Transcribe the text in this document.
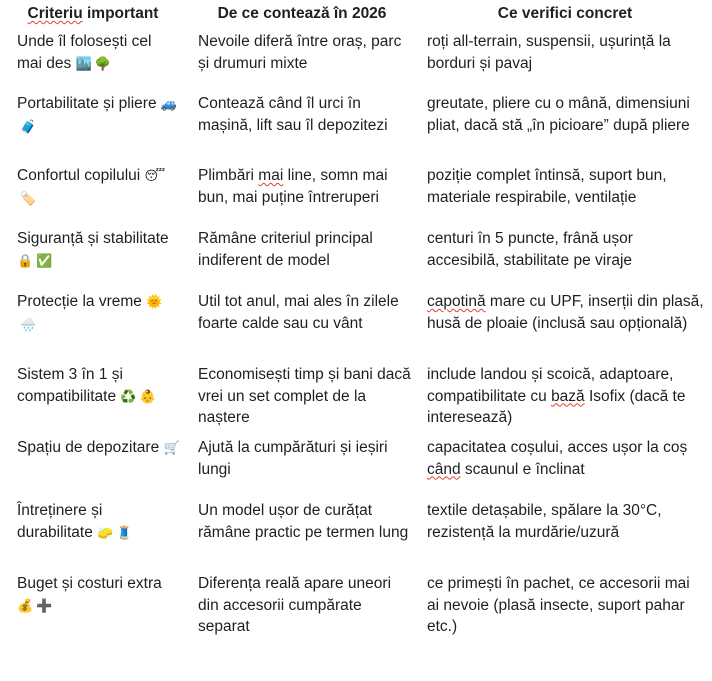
Criteriu important	De ce contează în 2026	Ce verifici concret
Unde îl folosești cel mai des 🏙️ 🌳	Nevoile diferă între oraș, parc și drumuri mixte	roți all-terrain, suspensii, ușurință la borduri și pavaj
Portabilitate și pliere 🚙🧳	Contează când îl urci în mașină, lift sau îl depozitezi	greutate, pliere cu o mână, dimensiuni pliat, dacă stă „în picioare” după pliere
Confortul copilului 😴🏷️	Plimbări mai line, somn mai bun, mai puține întreruperi	poziție complet întinsă, suport bun, materiale respirabile, ventilație
Siguranță și stabilitate 🔒 ✅	Rămâne criteriul principal indiferent de model	centuri în 5 puncte, frână ușor accesibilă, stabilitate pe viraje
Protecție la vreme 🌞🌧️	Util tot anul, mai ales în zilele foarte calde sau cu vânt	capotină mare cu UPF, inserții din plasă, husă de ploaie (inclusă sau opțională)
Sistem 3 în 1 și compatibilitate ♻️ 👶	Economisești timp și bani dacă vrei un set complet de la naștere	include landou și scoică, adaptoare, compatibilitate cu bază Isofix (dacă te interesează)
Spațiu de depozitare 🛒	Ajută la cumpărături și ieșiri lungi	capacitatea coșului, acces ușor la coș când scaunul e înclinat
Întreținere și durabilitate 🧽 🧵	Un model ușor de curățat rămâne practic pe termen lung	textile detașabile, spălare la 30°C, rezistență la murdărie/uzură
Buget și costuri extra 💰 ➕	Diferența reală apare uneori din accesorii cumpărate separat	ce primești în pachet, ce accesorii mai ai nevoie (plasă insecte, suport pahar etc.)
